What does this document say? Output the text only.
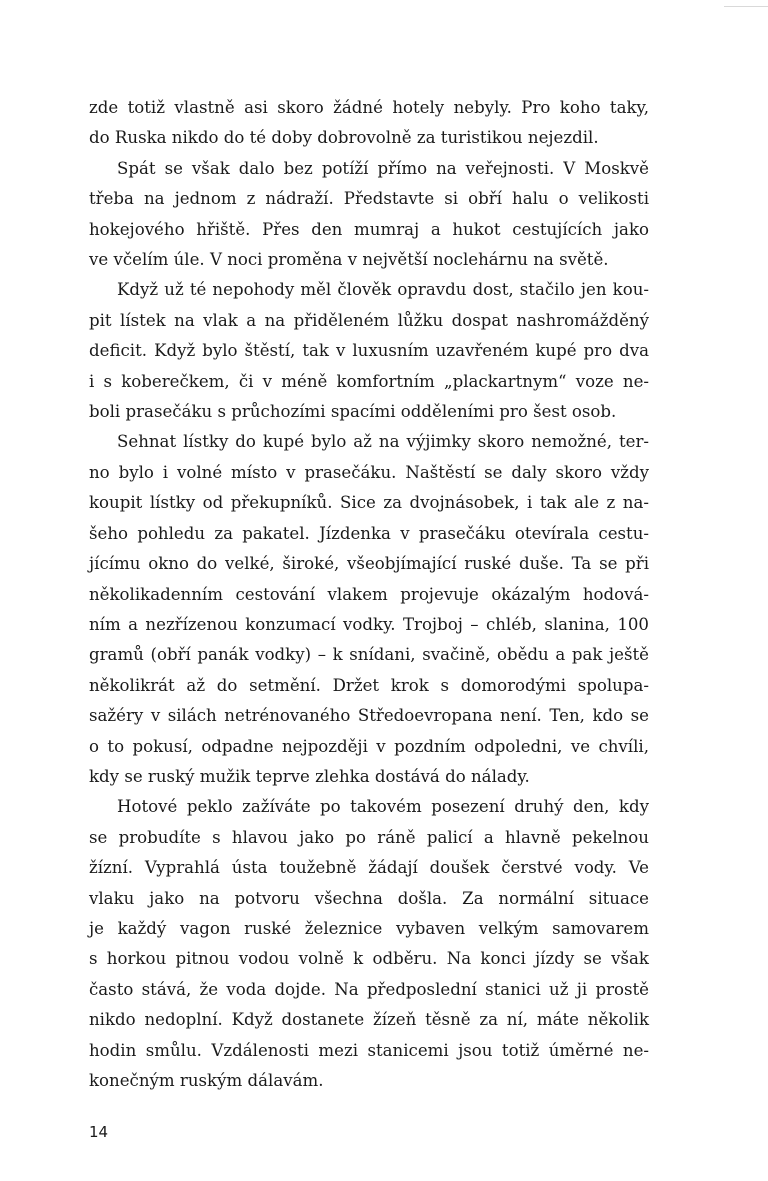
zde totiž vlastně asi skoro žádné hotely nebyly. Pro koho taky,
do Ruska nikdo do té doby dobrovolně za turistikou nejezdil.

Spát se však dalo bez potíží přímo na veřejnosti. V Moskvě
třeba na jednom z nádraží. Představte si obří halu o velikosti
hokejového hřiště. Přes den mumraj a hukot cestujících jako
ve včelím úle. V noci proměna v největší noclehárnu na světě.

Když už té nepohody měl člověk opravdu dost, stačilo jen kou-
pit lístek na vlak a na přiděleném lůžku dospat nashromážděný
deficit. Když bylo štěstí, tak v luxusním uzavřeném kupé pro dva
i s koberečkem, či v méně komfortním „plackartnym“ voze ne-
boli prasečáku s průchozími spacími odděleními pro šest osob.

Sehnat lístky do kupé bylo až na výjimky skoro nemožné, ter-
no bylo i volné místo v prasečáku. Naštěstí se daly skoro vždy
koupit lístky od překupníků. Sice za dvojnásobek, i tak ale z na-
šeho pohledu za pakatel. Jízdenka v prasečáku otevírala cestu-
jícímu okno do velké, široké, všeobjímající ruské duše. Ta se při
několikadenním cestování vlakem projevuje okázalým hodová-
ním a nezřízenou konzumací vodky. Trojboj – chléb, slanina, 100
gramů (obří panák vodky) – k snídani, svačině, obědu a pak ještě
několikrát až do setmění. Držet krok s domorodými spolupa-
sažéry v silách netrénovaného Středoevropana není. Ten, kdo se
o to pokusí, odpadne nejpozději v pozdním odpoledni, ve chvíli,
kdy se ruský mužik teprve zlehka dostává do nálady.

Hotové peklo zažíváte po takovém posezení druhý den, kdy
se probudíte s hlavou jako po ráně palicí a hlavně pekelnou
žízní. Vyprahlá ústa toužebně žádají doušek čerstvé vody. Ve
vlaku jako na potvoru všechna došla. Za normální situace
je každý vagon ruské železnice vybaven velkým samovarem
s horkou pitnou vodou volně k odběru. Na konci jízdy se však
často stává, že voda dojde. Na předposlední stanici už ji prostě
nikdo nedoplní. Když dostanete žízeň těsně za ní, máte několik
hodin smůlu. Vzdálenosti mezi stanicemi jsou totiž úměrné ne-
konečným ruským dálavám.

14
